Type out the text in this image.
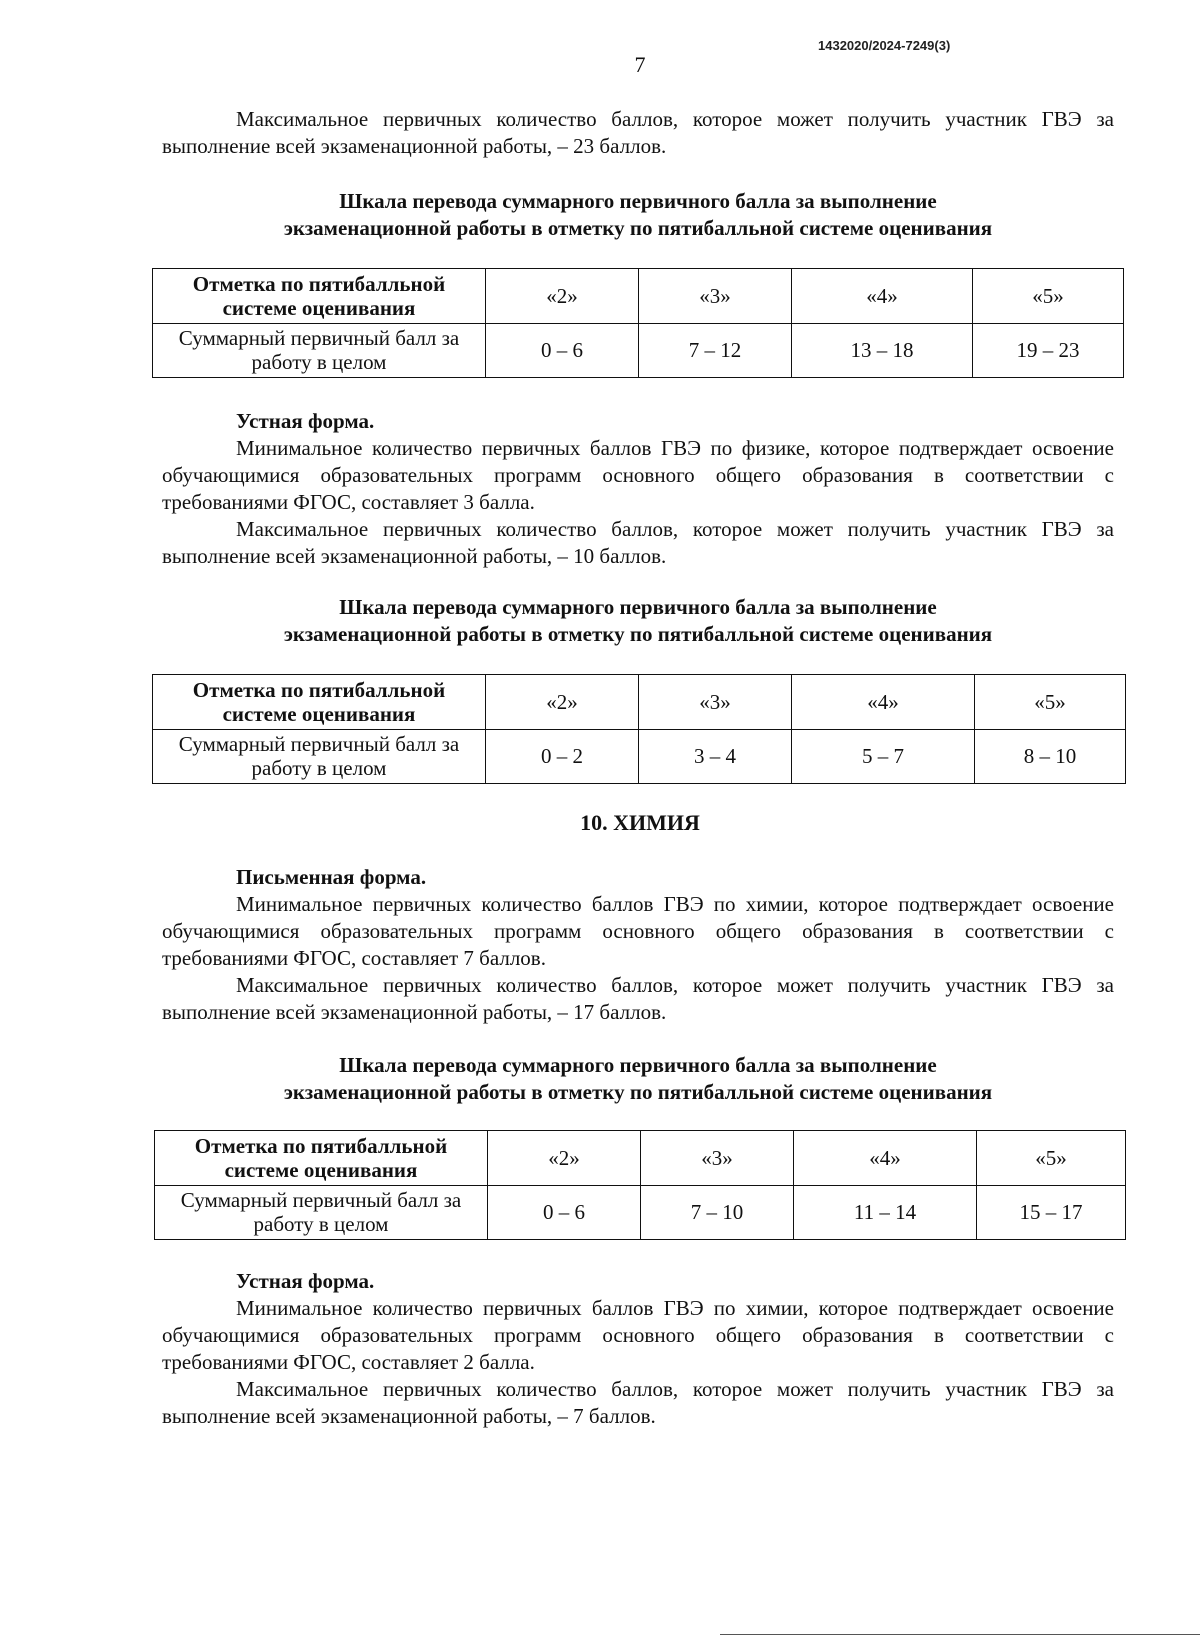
1432020/2024-7249(3)
7

Максимальное первичных количество баллов, которое может получить участник ГВЭ за выполнение всей экзаменационной работы, – 23 баллов.

Шкала перевода суммарного первичного балла за выполнение
экзаменационной работы в отметку по пятибалльной системе оценивания
Отметка по пятибалльной системе оценивания	«2»	«3»	«4»	«5»
Суммарный первичный балл за работу в целом	0 – 6	7 – 12	13 – 18	19 – 23

Устная форма.

Минимальное количество первичных баллов ГВЭ по физике, которое подтверждает освоение обучающимися образовательных программ основного общего образования в соответствии с требованиями ФГОС, составляет 3 балла.

Максимальное первичных количество баллов, которое может получить участник ГВЭ за выполнение всей экзаменационной работы, – 10 баллов.

Шкала перевода суммарного первичного балла за выполнение
экзаменационной работы в отметку по пятибалльной системе оценивания
Отметка по пятибалльной системе оценивания	«2»	«3»	«4»	«5»
Суммарный первичный балл за работу в целом	0 – 2	3 – 4	5 – 7	8 – 10
10. ХИМИЯ

Письменная форма.

Минимальное первичных количество баллов ГВЭ по химии, которое подтверждает освоение обучающимися образовательных программ основного общего образования в соответствии с требованиями ФГОС, составляет 7 баллов.

Максимальное первичных количество баллов, которое может получить участник ГВЭ за выполнение всей экзаменационной работы, – 17 баллов.

Шкала перевода суммарного первичного балла за выполнение
экзаменационной работы в отметку по пятибалльной системе оценивания
Отметка по пятибалльной системе оценивания	«2»	«3»	«4»	«5»
Суммарный первичный балл за работу в целом	0 – 6	7 – 10	11 – 14	15 – 17

Устная форма.

Минимальное количество первичных баллов ГВЭ по химии, которое подтверждает освоение обучающимися образовательных программ основного общего образования в соответствии с требованиями ФГОС, составляет 2 балла.

Максимальное первичных количество баллов, которое может получить участник ГВЭ за выполнение всей экзаменационной работы, – 7 баллов.
